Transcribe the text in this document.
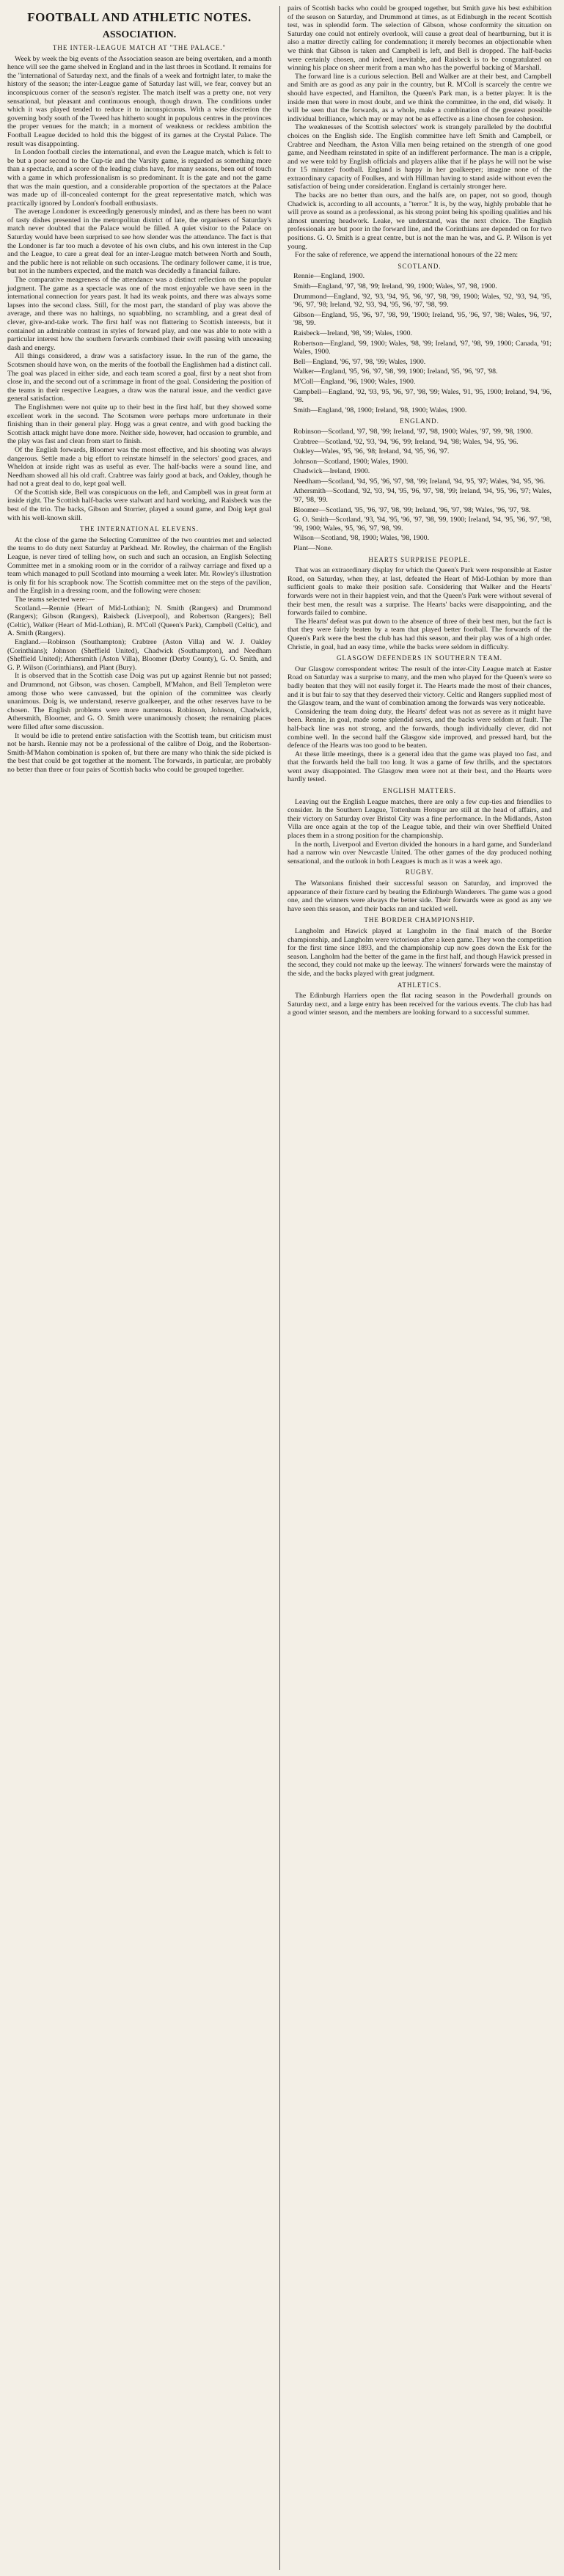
FOOTBALL AND ATHLETIC NOTES.
ASSOCIATION.
THE INTER-LEAGUE MATCH AT "THE PALACE."

Week by week the big events of the Association season are being overtaken, and a month hence will see the game shelved in England and in the last throes in Scotland. It remains for the "international of Saturday next, and the finals of a week and fortnight later, to make the history of the season; the inter-League game of Saturday last will, we fear, convey but an inconspicuous corner of the season's register. The match itself was a pretty one, not very sensational, but pleasant and continuous enough, though drawn. The conditions under which it was played tended to reduce it to inconspicuous. With a wise discretion the governing body south of the Tweed has hitherto sought in populous centres in the provinces the proper venues for the match; in a moment of weakness or reckless ambition the Football League decided to hold this the biggest of its games at the Crystal Palace. The result was disappointing.

In London football circles the international, and even the League match, which is felt to be but a poor second to the Cup-tie and the Varsity game, is regarded as something more than a spectacle, and a score of the leading clubs have, for many seasons, been out of touch with a game in which professionalism is so predominant. It is the gate and not the game that was the main question, and a considerable proportion of the spectators at the Palace was made up of ill-concealed contempt for the great representative match, which was practically ignored by London's football enthusiasts.

The average Londoner is exceedingly generously minded, and as there has been no want of tasty dishes presented in the metropolitan district of late, the organisers of Saturday's match never doubted that the Palace would be filled. A quiet visitor to the Palace on Saturday would have been surprised to see how slender was the attendance. The fact is that the Londoner is far too much a devotee of his own clubs, and his own interest in the Cup and the League, to care a great deal for an inter-League match between North and South, and the public here is not reliable on such occasions. The ordinary follower came, it is true, but not in the numbers expected, and the match was decidedly a financial failure.

The comparative meagreness of the attendance was a distinct reflection on the popular judgment. The game as a spectacle was one of the most enjoyable we have seen in the international connection for years past. It had its weak points, and there was always some lapses into the second class. Still, for the most part, the standard of play was above the average, and there was no haltings, no squabbling, no scrambling, and a great deal of clever, give-and-take work. The first half was not flattering to Scottish interests, but it contained an admirable contrast in styles of forward play, and one was able to note with a particular interest how the southern forwards combined their swift passing with unceasing dash and energy.

All things considered, a draw was a satisfactory issue. In the run of the game, the Scotsmen should have won, on the merits of the football the Englishmen had a distinct call. The goal was placed in either side, and each team scored a goal, first by a neat shot from close in, and the second out of a scrimmage in front of the goal. Considering the position of the teams in their respective Leagues, a draw was the natural issue, and the verdict gave general satisfaction.

The Englishmen were not quite up to their best in the first half, but they showed some excellent work in the second. The Scotsmen were perhaps more unfortunate in their finishing than in their general play. Hogg was a great centre, and with good backing the Scottish attack might have done more. Neither side, however, had occasion to grumble, and the play was fast and clean from start to finish.

Of the English forwards, Bloomer was the most effective, and his shooting was always dangerous. Settle made a big effort to reinstate himself in the selectors' good graces, and Wheldon at inside right was as useful as ever. The half-backs were a sound line, and Needham showed all his old craft. Crabtree was fairly good at back, and Oakley, though he had not a great deal to do, kept goal well.

Of the Scottish side, Bell was conspicuous on the left, and Campbell was in great form at inside right. The Scottish half-backs were stalwart and hard working, and Raisbeck was the best of the trio. The backs, Gibson and Storrier, played a sound game, and Doig kept goal with his well-known skill.

THE INTERNATIONAL ELEVENS.

At the close of the game the Selecting Committee of the two countries met and selected the teams to do duty next Saturday at Parkhead. Mr. Rowley, the chairman of the English League, is never tired of telling how, on such and such an occasion, an English Selecting Committee met in a smoking room or in the corridor of a railway carriage and fixed up a team which managed to pull Scotland into mourning a week later. Mr. Rowley's illustration is only fit for his scrapbook now. The Scottish committee met on the steps of the pavilion, and the English in a dressing room, and the following were chosen:

The teams selected were:—

Scotland.—Rennie (Heart of Mid-Lothian); N. Smith (Rangers) and Drummond (Rangers); Gibson (Rangers), Raisbeck (Liverpool), and Robertson (Rangers); Bell (Celtic), Walker (Heart of Mid-Lothian), R. M'Coll (Queen's Park), Campbell (Celtic), and A. Smith (Rangers).

England.—Robinson (Southampton); Crabtree (Aston Villa) and W. J. Oakley (Corinthians); Johnson (Sheffield United), Chadwick (Southampton), and Needham (Sheffield United); Athersmith (Aston Villa), Bloomer (Derby County), G. O. Smith, and G. P. Wilson (Corinthians), and Plant (Bury).

It is observed that in the Scottish case Doig was put up against Rennie but not passed; and Drummond, not Gibson, was chosen. Campbell, M'Mahon, and Bell Templeton were among those who were canvassed, but the opinion of the committee was clearly unanimous. Doig is, we understand, reserve goalkeeper, and the other reserves have to be chosen. The English problems were more numerous. Robinson, Johnson, Chadwick, Athersmith, Bloomer, and G. O. Smith were unanimously chosen; the remaining places were filled after some discussion.

It would be idle to pretend entire satisfaction with the Scottish team, but criticism must not be harsh. Rennie may not be a professional of the calibre of Doig, and the Robertson-Smith-M'Mahon combination is spoken of, but there are many who think the side picked is the best that could be got together at the moment. The forwards, in particular, are probably no better than three or four pairs of Scottish backs who could be grouped together.

pairs of Scottish backs who could be grouped together, but Smith gave his best exhibition of the season on Saturday, and Drummond at times, as at Edinburgh in the recent Scottish test, was in splendid form. The selection of Gibson, whose conformity the situation on Saturday one could not entirely overlook, will cause a great deal of heartburning, but it is also a matter directly calling for condemnation; it merely becomes an objectionable when we think that Gibson is taken and Campbell is left, and Bell is dropped. The half-backs were certainly chosen, and indeed, inevitable, and Raisbeck is to be congratulated on winning his place on sheer merit from a man who has the powerful backing of Marshall.

The forward line is a curious selection. Bell and Walker are at their best, and Campbell and Smith are as good as any pair in the country, but R. M'Coll is scarcely the centre we should have expected, and Hamilton, the Queen's Park man, is a better player. It is the inside men that were in most doubt, and we think the committee, in the end, did wisely. It will be seen that the forwards, as a whole, make a combination of the greatest possible individual brilliance, which may or may not be as effective as a line chosen for cohesion.

The weaknesses of the Scottish selectors' work is strangely paralleled by the doubtful choices on the English side. The English committee have left Smith and Campbell, or Crabtree and Needham, the Aston Villa men being retained on the strength of one good game, and Needham reinstated in spite of an indifferent performance. The man is a cripple, and we were told by English officials and players alike that if he plays he will not be wise for 15 minutes' football. England is happy in her goalkeeper; imagine none of the extraordinary capacity of Foulkes, and with Hillman having to stand aside without even the satisfaction of being under consideration. England is certainly stronger here.

The backs are no better than ours, and the halfs are, on paper, not so good, though Chadwick is, according to all accounts, a "terror." It is, by the way, highly probable that he will prove as sound as a professional, as his strong point being his spoiling qualities and his almost unerring headwork. Leake, we understand, was the next choice. The English professionals are but poor in the forward line, and the Corinthians are depended on for two positions. G. O. Smith is a great centre, but is not the man he was, and G. P. Wilson is yet young.

For the sake of reference, we append the international honours of the 22 men:

SCOTLAND.

Rennie—England, 1900.

Smith—England, '97, '98, '99; Ireland, '99, 1900; Wales, '97, '98, 1900.

Drummond—England, '92, '93, '94, '95, '96, '97, '98, '99, 1900; Wales, '92, '93, '94, '95, '96, '97, '98; Ireland, '92, '93, '94, '95, '96, '97, '98, '99.

Gibson—England, '95, '96, '97, '98, '99, '1900; Ireland, '95, '96, '97, '98; Wales, '96, '97, '98, '99.

Raisbeck—Ireland, '98, '99; Wales, 1900.

Robertson—England, '99, 1900; Wales, '98, '99; Ireland, '97, '98, '99, 1900; Canada, '91; Wales, 1900.

Bell—England, '96, '97, '98, '99; Wales, 1900.

Walker—England, '95, '96, '97, '98, '99, 1900; Ireland, '95, '96, '97, '98.

M'Coll—England, '96, 1900; Wales, 1900.

Campbell—England, '92, '93, '95, '96, '97, '98, '99; Wales, '91, '95, 1900; Ireland, '94, '96, '98.

Smith—England, '98, 1900; Ireland, '98, 1900; Wales, 1900.

ENGLAND.

Robinson—Scotland, '97, '98, '99; Ireland, '97, '98, 1900; Wales, '97, '99, '98, 1900.

Crabtree—Scotland, '92, '93, '94, '96, '99; Ireland, '94, '98; Wales, '94, '95, '96.

Oakley—Wales, '95, '96, '98; Ireland, '94, '95, '96, '97.

Johnson—Scotland, 1900; Wales, 1900.

Chadwick—Ireland, 1900.

Needham—Scotland, '94, '95, '96, '97, '98, '99; Ireland, '94, '95, '97; Wales, '94, '95, '96.

Athersmith—Scotland, '92, '93, '94, '95, '96, '97, '98, '99; Ireland, '94, '95, '96, '97; Wales, '97, '98, '99.

Bloomer—Scotland, '95, '96, '97, '98, '99; Ireland, '96, '97, '98; Wales, '96, '97, '98.

G. O. Smith—Scotland, '93, '94, '95, '96, '97, '98, '99, 1900; Ireland, '94, '95, '96, '97, '98, '99, 1900; Wales, '95, '96, '97, '98, '99.

Wilson—Scotland, '98, 1900; Wales, '98, 1900.

Plant—None.

HEARTS SURPRISE PEOPLE.

That was an extraordinary display for which the Queen's Park were responsible at Easter Road, on Saturday, when they, at last, defeated the Heart of Mid-Lothian by more than sufficient goals to make their position safe. Considering that Walker and the Hearts' forwards were not in their happiest vein, and that the Queen's Park were without several of their best men, the result was a surprise. The Hearts' backs were disappointing, and the forwards failed to combine.

The Hearts' defeat was put down to the absence of three of their best men, but the fact is that they were fairly beaten by a team that played better football. The forwards of the Queen's Park were the best the club has had this season, and their play was of a high order. Christie, in goal, had an easy time, while the backs were seldom in difficulty.

GLASGOW DEFENDERS IN SOUTHERN TEAM.

Our Glasgow correspondent writes: The result of the inter-City League match at Easter Road on Saturday was a surprise to many, and the men who played for the Queen's were so badly beaten that they will not easily forget it. The Hearts made the most of their chances, and it is but fair to say that they deserved their victory. Celtic and Rangers supplied most of the Glasgow team, and the want of combination among the forwards was very noticeable.

Considering the team doing duty, the Hearts' defeat was not as severe as it might have been. Rennie, in goal, made some splendid saves, and the backs were seldom at fault. The half-back line was not strong, and the forwards, though individually clever, did not combine well. In the second half the Glasgow side improved, and pressed hard, but the defence of the Hearts was too good to be beaten.

At these little meetings, there is a general idea that the game was played too fast, and that the forwards held the ball too long. It was a game of few thrills, and the spectators went away disappointed. The Glasgow men were not at their best, and the Hearts were hardly tested.

ENGLISH MATTERS.

Leaving out the English League matches, there are only a few cup-ties and friendlies to consider. In the Southern League, Tottenham Hotspur are still at the head of affairs, and their victory on Saturday over Bristol City was a fine performance. In the Midlands, Aston Villa are once again at the top of the League table, and their win over Sheffield United places them in a strong position for the championship.

In the north, Liverpool and Everton divided the honours in a hard game, and Sunderland had a narrow win over Newcastle United. The other games of the day produced nothing sensational, and the outlook in both Leagues is much as it was a week ago.

RUGBY.

The Watsonians finished their successful season on Saturday, and improved the appearance of their fixture card by beating the Edinburgh Wanderers. The game was a good one, and the winners were always the better side. Their forwards were as good as any we have seen this season, and their backs ran and tackled well.

THE BORDER CHAMPIONSHIP.

Langholm and Hawick played at Langholm in the final match of the Border championship, and Langholm were victorious after a keen game. They won the competition for the first time since 1893, and the championship cup now goes down the Esk for the season. Langholm had the better of the game in the first half, and though Hawick pressed in the second, they could not make up the leeway. The winners' forwards were the mainstay of the side, and the backs played with great judgment.

ATHLETICS.

The Edinburgh Harriers open the flat racing season in the Powderhall grounds on Saturday next, and a large entry has been received for the various events. The club has had a good winter season, and the members are looking forward to a successful summer.
